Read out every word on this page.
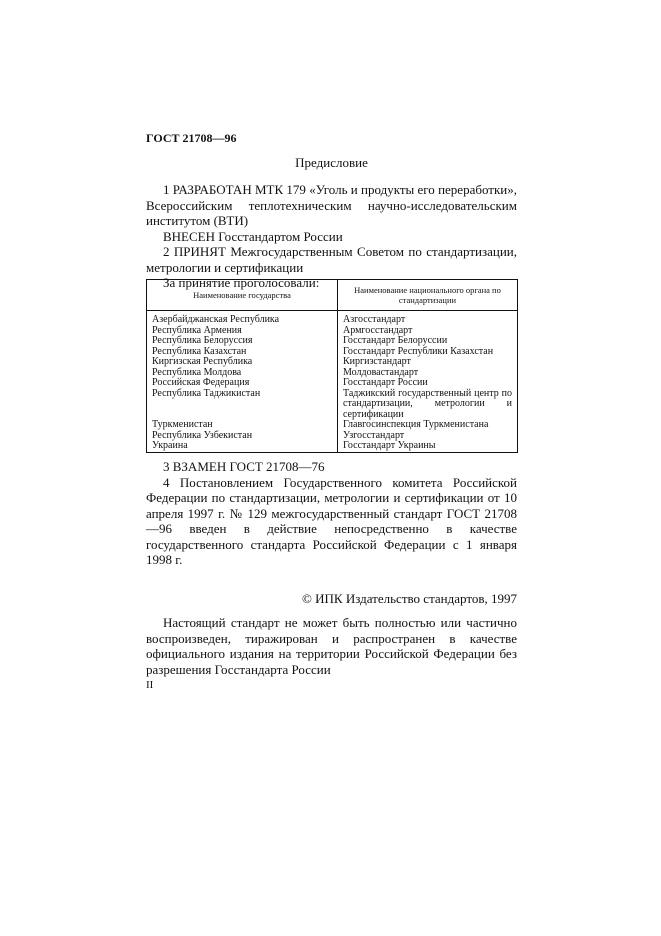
ГОСТ 21708—96
Предисловие

1 РАЗРАБОТАН МТК 179 «Уголь и продукты его переработки», Всероссийским теплотехническим научно-исследовательским институтом (ВТИ)

ВНЕСЕН Госстандартом России

2 ПРИНЯТ Межгосударственным Советом по стандартизации, метрологии и сертификации

За принятие проголосовали:

Наименование государства	Наименование национального органа по стандартизации
Азербайджанская Республика	Азгосстандарт
Республика Армения	Армгосстандарт
Республика Белоруссия	Госстандарт Белоруссии
Республика Казахстан	Госстандарт Республики Казахстан
Киргизская Республика	Киргизстандарт
Республика Молдова	Молдовастандарт
Российская Федерация	Госстандарт России
Республика Таджикистан	Таджикский государственный центр по стандартизации, метрологии и сертификации
Туркменистан	Главгосинспекция Туркменистана
Республика Узбекистан	Узгосстандарт
Украина	Госстандарт Украины

3 ВЗАМЕН ГОСТ 21708—76

4 Постановлением Государственного комитета Российской Федерации по стандартизации, метрологии и сертификации от 10 апреля 1997 г. № 129 межгосударственный стандарт ГОСТ 21708—96 введен в действие непосредственно в качестве государственного стандарта Российской Федерации с 1 января 1998 г.

© ИПК Издательство стандартов, 1997

Настоящий стандарт не может быть полностью или частично воспроизведен, тиражирован и распространен в качестве официального издания на территории Российской Федерации без разрешения Госстандарта России

II
